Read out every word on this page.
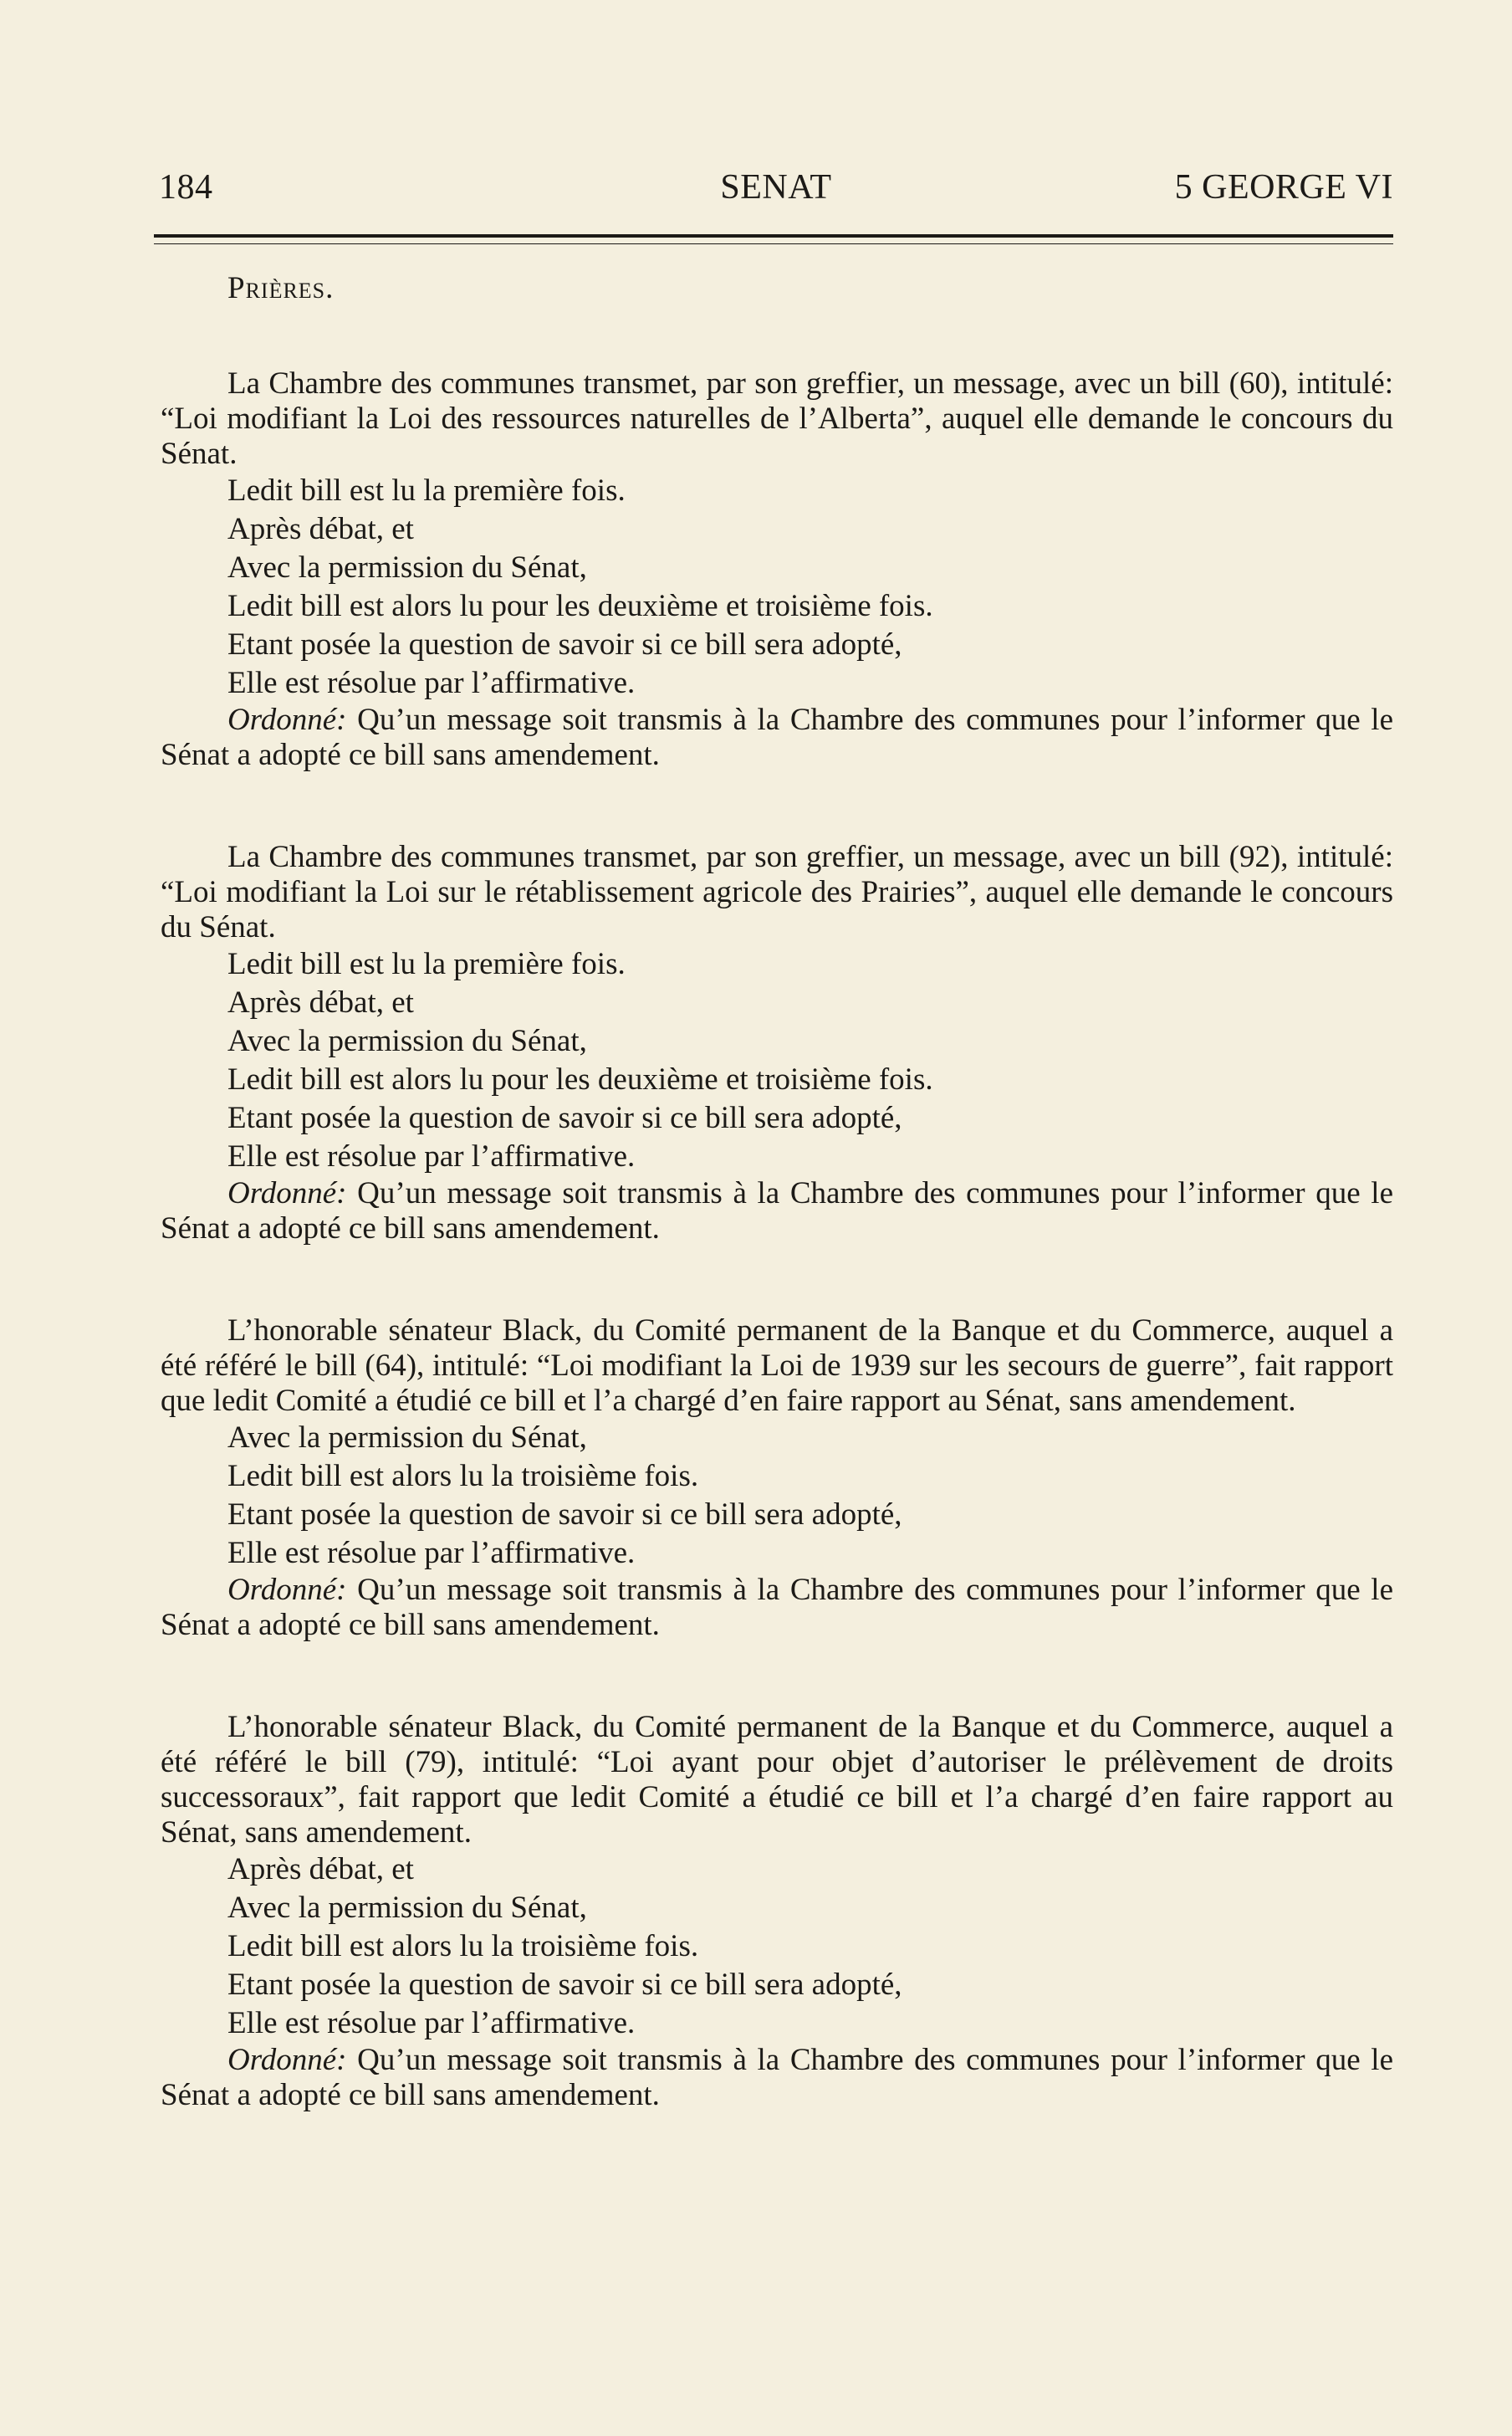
184	SENAT	5 GEORGE VI

Prières.

La Chambre des communes transmet, par son greffier, un message, avec un bill (60), intitulé: “Loi modifiant la Loi des ressources naturelles de l’Alberta”, auquel elle demande le concours du Sénat.

Ledit bill est lu la première fois.

Après débat, et

Avec la permission du Sénat,

Ledit bill est alors lu pour les deuxième et troisième fois.

Etant posée la question de savoir si ce bill sera adopté,

Elle est résolue par l’affirmative.

Ordonné: Qu’un message soit transmis à la Chambre des communes pour l’informer que le Sénat a adopté ce bill sans amendement.

La Chambre des communes transmet, par son greffier, un message, avec un bill (92), intitulé: “Loi modifiant la Loi sur le rétablissement agricole des Prairies”, auquel elle demande le concours du Sénat.

Ledit bill est lu la première fois.

Après débat, et

Avec la permission du Sénat,

Ledit bill est alors lu pour les deuxième et troisième fois.

Etant posée la question de savoir si ce bill sera adopté,

Elle est résolue par l’affirmative.

Ordonné: Qu’un message soit transmis à la Chambre des communes pour l’informer que le Sénat a adopté ce bill sans amendement.

L’honorable sénateur Black, du Comité permanent de la Banque et du Commerce, auquel a été référé le bill (64), intitulé: “Loi modifiant la Loi de 1939 sur les secours de guerre”, fait rapport que ledit Comité a étudié ce bill et l’a chargé d’en faire rapport au Sénat, sans amendement.

Avec la permission du Sénat,

Ledit bill est alors lu la troisième fois.

Etant posée la question de savoir si ce bill sera adopté,

Elle est résolue par l’affirmative.

Ordonné: Qu’un message soit transmis à la Chambre des communes pour l’informer que le Sénat a adopté ce bill sans amendement.

L’honorable sénateur Black, du Comité permanent de la Banque et du Commerce, auquel a été référé le bill (79), intitulé: “Loi ayant pour objet d’autoriser le prélèvement de droits successoraux”, fait rapport que ledit Comité a étudié ce bill et l’a chargé d’en faire rapport au Sénat, sans amendement.

Après débat, et

Avec la permission du Sénat,

Ledit bill est alors lu la troisième fois.

Etant posée la question de savoir si ce bill sera adopté,

Elle est résolue par l’affirmative.

Ordonné: Qu’un message soit transmis à la Chambre des communes pour l’informer que le Sénat a adopté ce bill sans amendement.
